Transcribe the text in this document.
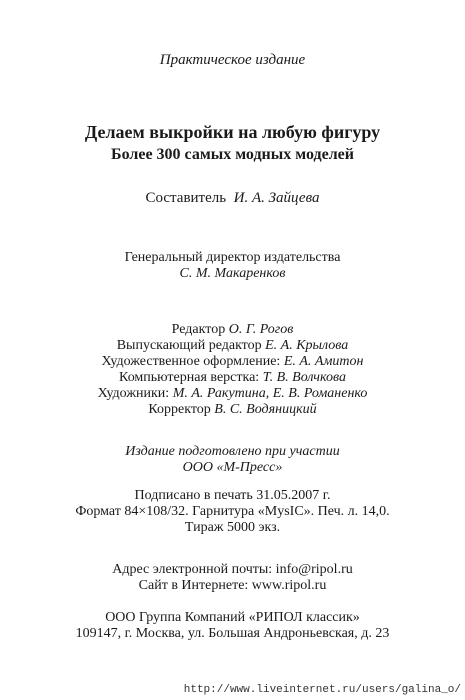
Практическое издание
Делаем выкройки на любую фигуру
Более 300 самых модных моделей
Составитель И. А. Зайцева
Генеральный директор издательства
С. М. Макаренков
Редактор О. Г. Рогов
Выпускающий редактор Е. А. Крылова
Художественное оформление: Е. А. Амитон
Компьютерная верстка: Т. В. Волчкова
Художники: М. А. Ракутина, Е. В. Романенко
Корректор В. С. Водяницкий
Издание подготовлено при участии
ООО «М-Пресс»
Подписано в печать 31.05.2007 г.
Формат 84×108/32. Гарнитура «MysIC». Печ. л. 14,0.
Тираж 5000 экз.
Адрес электронной почты: info@ripol.ru
Сайт в Интернете: www.ripol.ru
ООО Группа Компаний «РИПОЛ классик»
109147, г. Москва, ул. Большая Андроньевская, д. 23
http://www.liveinternet.ru/users/galina_o/
